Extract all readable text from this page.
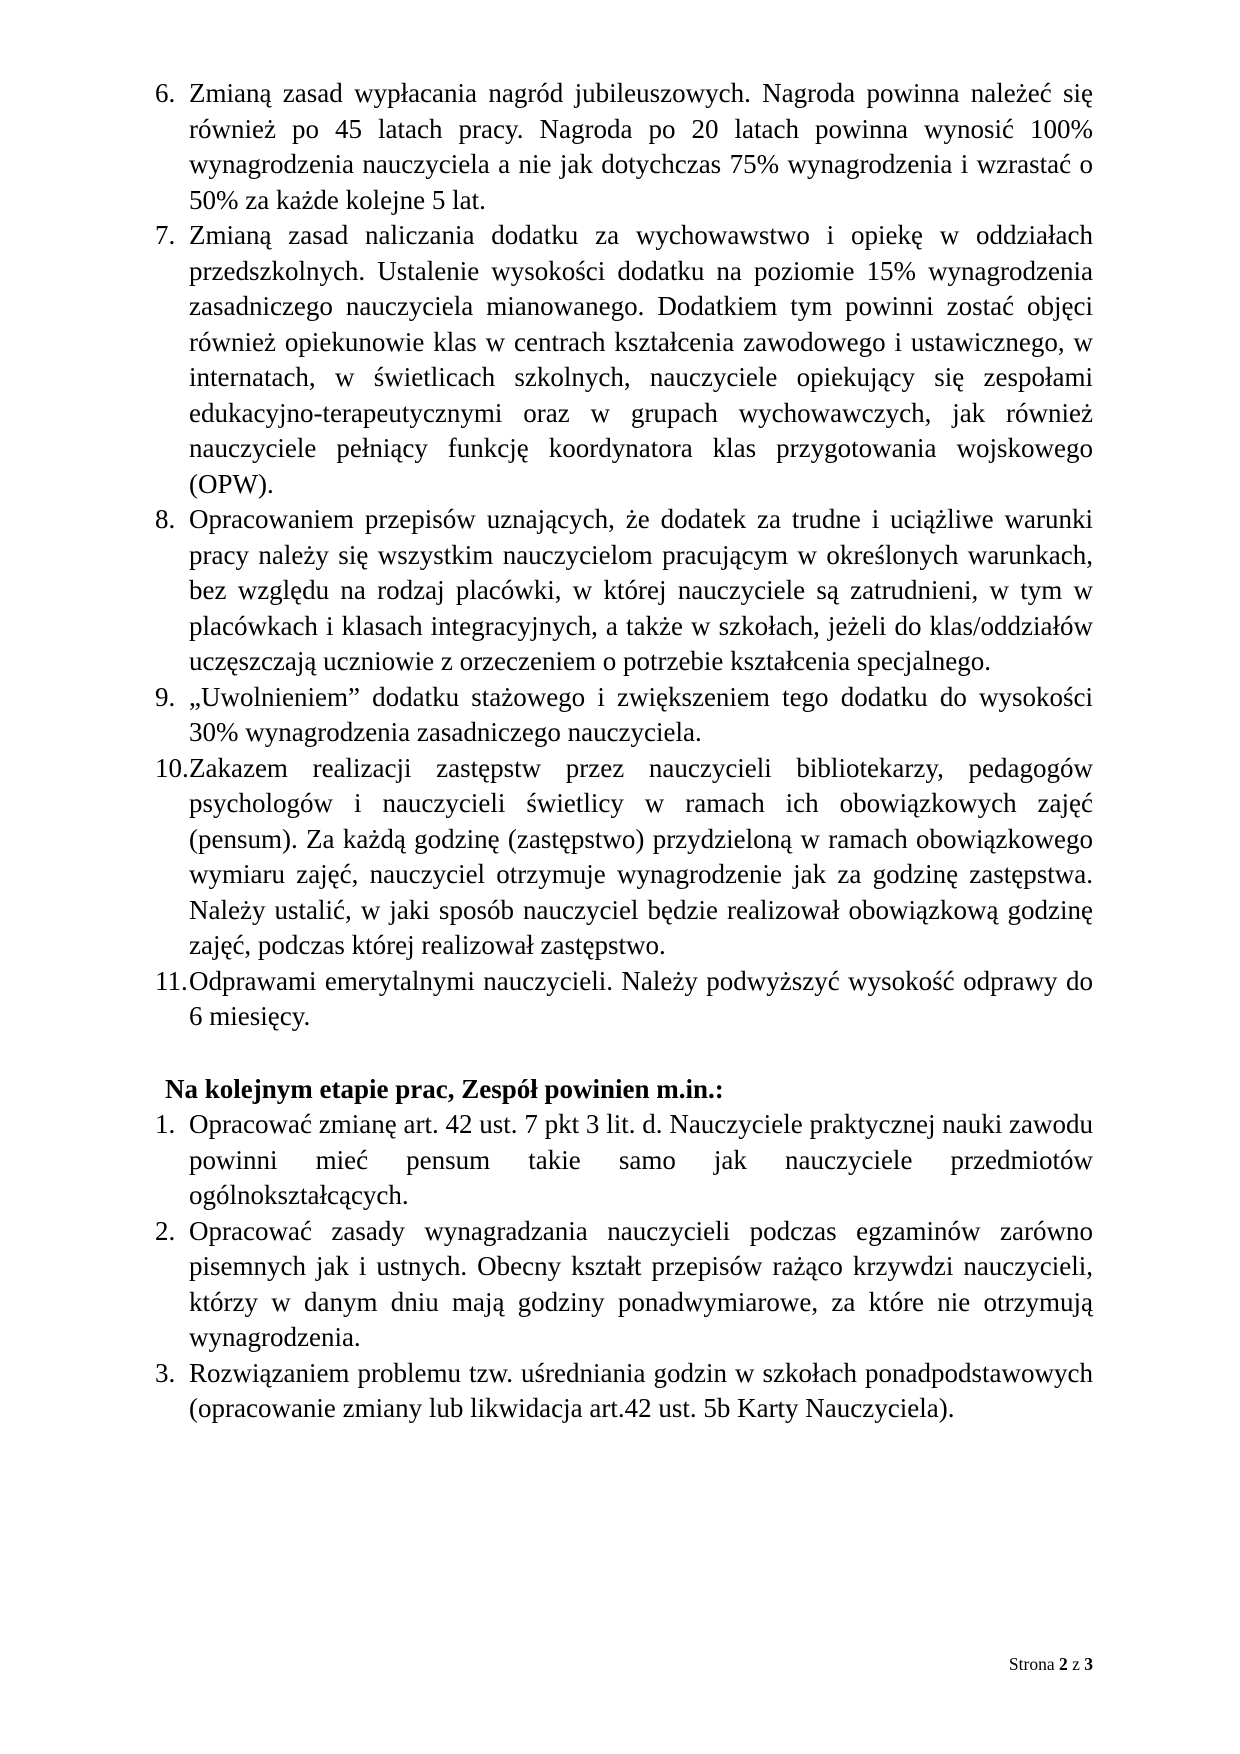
6. Zmianą zasad wypłacania nagród jubileuszowych. Nagroda powinna należeć się również po 45 latach pracy. Nagroda po 20 latach powinna wynosić 100% wynagrodzenia nauczyciela a nie jak dotychczas 75% wynagrodzenia i wzrastać o 50% za każde kolejne 5 lat.
7. Zmianą zasad naliczania dodatku za wychowawstwo i opiekę w oddziałach przedszkolnych. Ustalenie wysokości dodatku na poziomie 15% wynagrodzenia zasadniczego nauczyciela mianowanego. Dodatkiem tym powinni zostać objęci również opiekunowie klas w centrach kształcenia zawodowego i ustawicznego, w internatach, w świetlicach szkolnych, nauczyciele opiekujący się zespołami edukacyjno-terapeutycznymi oraz w grupach wychowawczych, jak również nauczyciele pełniący funkcję koordynatora klas przygotowania wojskowego (OPW).
8. Opracowaniem przepisów uznających, że dodatek za trudne i uciążliwe warunki pracy należy się wszystkim nauczycielom pracującym w określonych warunkach, bez względu na rodzaj placówki, w której nauczyciele są zatrudnieni, w tym w placówkach i klasach integracyjnych, a także w szkołach, jeżeli do klas/oddziałów uczęszczają uczniowie z orzeczeniem o potrzebie kształcenia specjalnego.
9. „Uwolnieniem” dodatku stażowego i zwiększeniem tego dodatku do wysokości 30% wynagrodzenia zasadniczego nauczyciela.
10. Zakazem realizacji zastępstw przez nauczycieli bibliotekarzy, pedagogów psychologów i nauczycieli świetlicy w ramach ich obowiązkowych zajęć (pensum). Za każdą godzinę (zastępstwo) przydzieloną w ramach obowiązkowego wymiaru zajęć, nauczyciel otrzymuje wynagrodzenie jak za godzinę zastępstwa. Należy ustalić, w jaki sposób nauczyciel będzie realizował obowiązkową godzinę zajęć, podczas której realizował zastępstwo.
11. Odprawami emerytalnymi nauczycieli. Należy podwyższyć wysokość odprawy do 6 miesięcy.
Na kolejnym etapie prac, Zespół powinien m.in.:
1. Opracować zmianę art. 42 ust. 7 pkt 3 lit. d. Nauczyciele praktycznej nauki zawodu powinni mieć pensum takie samo jak nauczyciele przedmiotów ogólnokształcących.
2. Opracować zasady wynagradzania nauczycieli podczas egzaminów zarówno pisemnych jak i ustnych. Obecny kształt przepisów rażąco krzywdzi nauczycieli, którzy w danym dniu mają godziny ponadwymiarowe, za które nie otrzymują wynagrodzenia.
3. Rozwiązaniem problemu tzw. uśredniania godzin w szkołach ponadpodstawowych (opracowanie zmiany lub likwidacja art.42 ust. 5b Karty Nauczyciela).
Strona 2 z 3
